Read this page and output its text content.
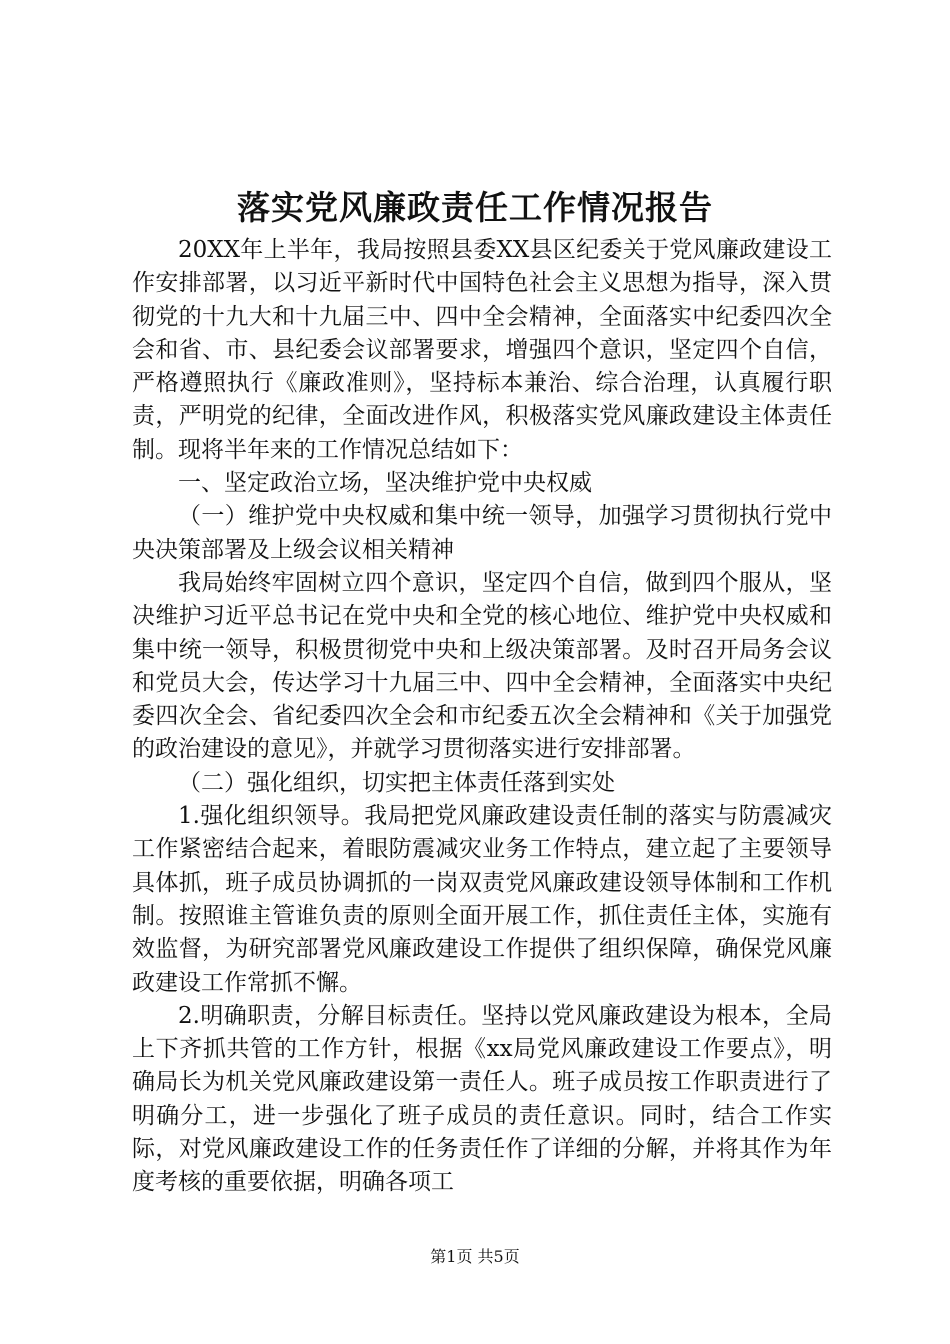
落实党风廉政责任工作情况报告

20XX年上半年，我局按照县委XX县区纪委关于党风廉政建设工作安排部署，以习近平新时代中国特色社会主义思想为指导，深入贯彻党的十九大和十九届三中、四中全会精神，全面落实中纪委四次全会和省、市、县纪委会议部署要求，增强四个意识，坚定四个自信，严格遵照执行《廉政准则》，坚持标本兼治、综合治理，认真履行职责，严明党的纪律，全面改进作风，积极落实党风廉政建设主体责任制。现将半年来的工作情况总结如下：

一、坚定政治立场，坚决维护党中央权威

（一）维护党中央权威和集中统一领导，加强学习贯彻执行党中央决策部署及上级会议相关精神

我局始终牢固树立四个意识，坚定四个自信，做到四个服从，坚决维护习近平总书记在党中央和全党的核心地位、维护党中央权威和集中统一领导，积极贯彻党中央和上级决策部署。及时召开局务会议和党员大会，传达学习十九届三中、四中全会精神，全面落实中央纪委四次全会、省纪委四次全会和市纪委五次全会精神和《关于加强党的政治建设的意见》，并就学习贯彻落实进行安排部署。

（二）强化组织，切实把主体责任落到实处

1.强化组织领导。我局把党风廉政建设责任制的落实与防震减灾工作紧密结合起来，着眼防震减灾业务工作特点，建立起了主要领导具体抓，班子成员协调抓的一岗双责党风廉政建设领导体制和工作机制。按照谁主管谁负责的原则全面开展工作，抓住责任主体，实施有效监督，为研究部署党风廉政建设工作提供了组织保障，确保党风廉政建设工作常抓不懈。

2.明确职责，分解目标责任。坚持以党风廉政建设为根本，全局上下齐抓共管的工作方针，根据《xx局党风廉政建设工作要点》，明确局长为机关党风廉政建设第一责任人。班子成员按工作职责进行了明确分工，进一步强化了班子成员的责任意识。同时，结合工作实际，对党风廉政建设工作的任务责任作了详细的分解，并将其作为年度考核的重要依据，明确各项工

第1页 共5页
